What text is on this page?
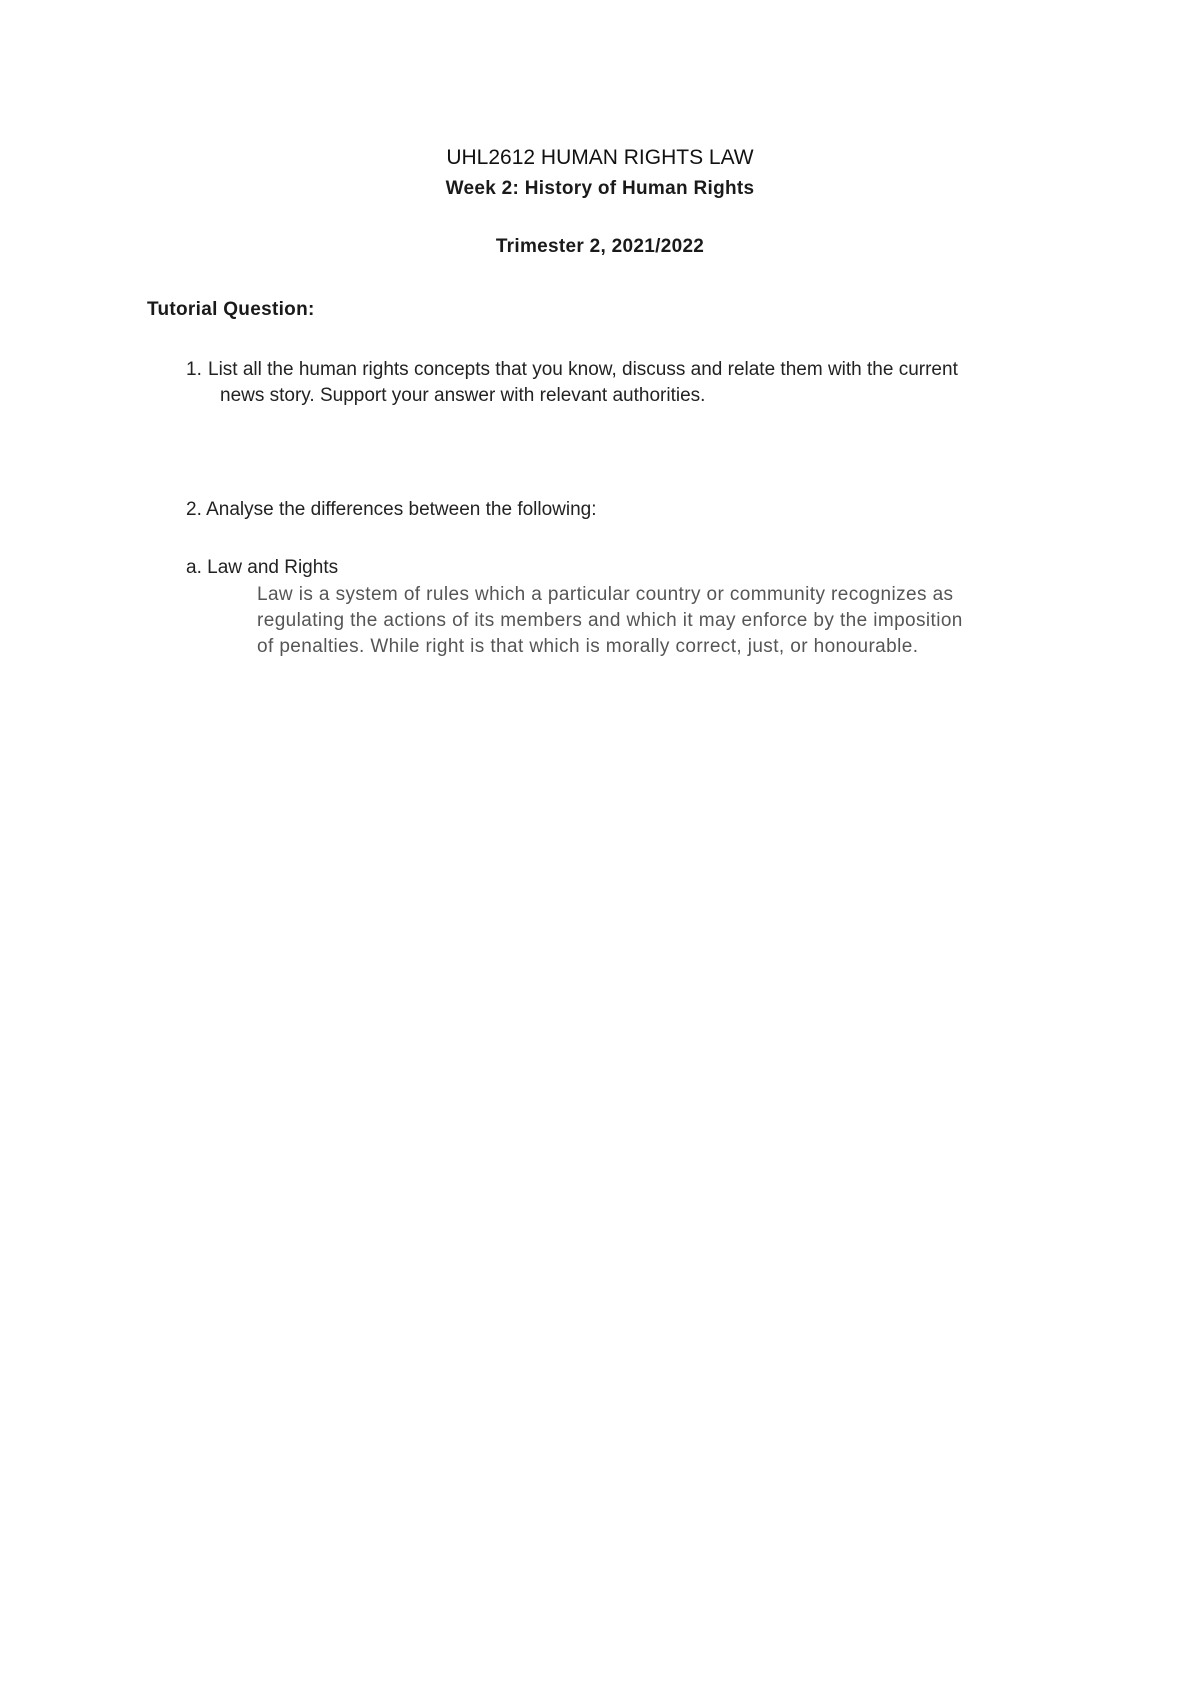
UHL2612 HUMAN RIGHTS LAW
Week 2: History of Human Rights
Trimester 2, 2021/2022
Tutorial Question:
1. List all the human rights concepts that you know, discuss and relate them with the current
news story. Support your answer with relevant authorities.
2. Analyse the differences between the following:
a. Law and Rights
Law is a system of rules which a particular country or community recognizes as
regulating the actions of its members and which it may enforce by the imposition
of penalties. While right is that which is morally correct, just, or honourable.
